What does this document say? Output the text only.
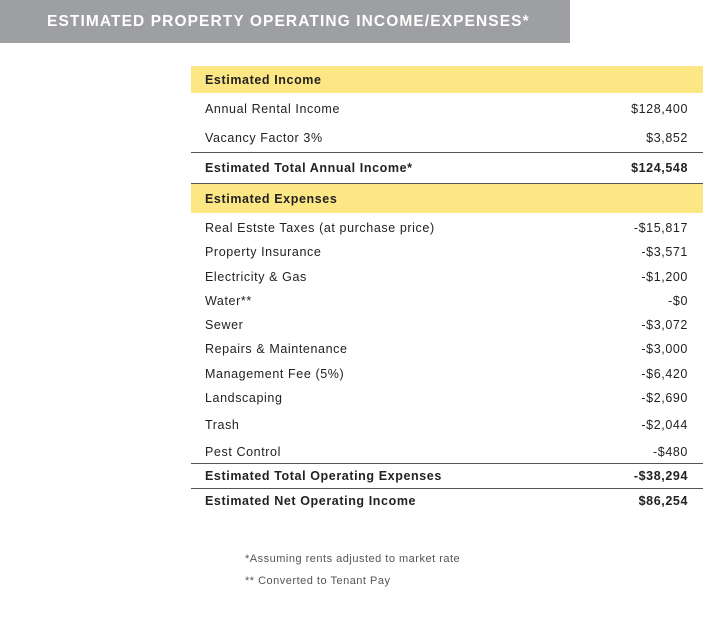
ESTIMATED PROPERTY OPERATING INCOME/EXPENSES*
Estimated Income
Annual Rental Income	$128,400
Vacancy Factor 3%	$3,852
Estimated Total Annual Income*	$124,548
Estimated Expenses
Real Estste Taxes (at purchase price)	-$15,817
Property Insurance	-$3,571
Electricity & Gas	-$1,200
Water**	-$0
Sewer	-$3,072
Repairs & Maintenance	-$3,000
Management Fee (5%)	-$6,420
Landscaping	-$2,690
Trash	-$2,044
Pest Control	-$480
Estimated Total Operating Expenses	-$38,294
Estimated Net Operating Income	$86,254
*Assuming rents adjusted to market rate
** Converted to Tenant Pay
